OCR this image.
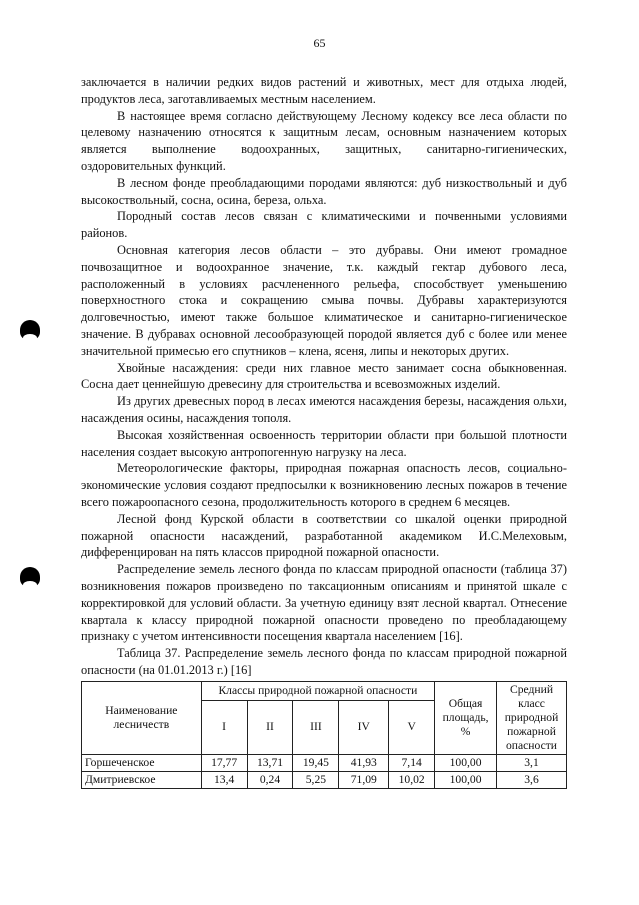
65

заключается в наличии редких видов растений и животных, мест для отдыха людей, продуктов леса, заготавливаемых местным населением.

В настоящее время согласно действующему Лесному кодексу все леса области по целевому назначению относятся к защитным лесам, основным назначением которых является выполнение водоохранных, защитных, санитарно-гигиенических, оздоровительных функций.

В лесном фонде преобладающими породами являются: дуб низкоствольный и дуб высокоствольный, сосна, осина, береза, ольха.

Породный состав лесов связан с климатическими и почвенными условиями районов.

Основная категория лесов области – это дубравы. Они имеют громадное почвозащитное и водоохранное значение, т.к. каждый гектар дубового леса, расположенный в условиях расчлененного рельефа, способствует уменьшению поверхностного стока и сокращению смыва почвы. Дубравы характеризуются долговечностью, имеют также большое климатическое и санитарно-гигиеническое значение. В дубравах основной лесообразующей породой является дуб с более или менее значительной примесью его спутников – клена, ясеня, липы и некоторых других.

Хвойные насаждения: среди них главное место занимает сосна обыкновенная. Сосна дает ценнейшую древесину для строительства и всевозможных изделий.

Из других древесных пород в лесах имеются насаждения березы, насаждения ольхи, насаждения осины, насаждения тополя.

Высокая хозяйственная освоенность территории области при большой плотности населения создает высокую антропогенную нагрузку на леса.

Метеорологические факторы, природная пожарная опасность лесов, социально-экономические условия создают предпосылки к возникновению лесных пожаров в течение всего пожароопасного сезона, продолжительность которого в среднем 6 месяцев.

Лесной фонд Курской области в соответствии со шкалой оценки природной пожарной опасности насаждений, разработанной академиком И.С.Мелеховым, дифференцирован на пять классов природной пожарной опасности.

Распределение земель лесного фонда по классам природной опасности (таблица 37) возникновения пожаров произведено по таксационным описаниям и принятой шкале с корректировкой для условий области. За учетную единицу взят лесной квартал. Отнесение квартала к классу природной пожарной опасности проведено по преобладающему признаку с учетом интенсивности посещения квартала населением [16].

Таблица 37. Распределение земель лесного фонда по классам природной пожарной опасности (на 01.01.2013 г.) [16]

Наименование лесничеств	Классы природной пожарной опасности					Общая площадь, %	Средний класс природной пожарной опасности
	I	II	III	IV	V		
Горшеченское	17,77	13,71	19,45	41,93	7,14	100,00	3,1
Дмитриевское	13,4	0,24	5,25	71,09	10,02	100,00	3,6
